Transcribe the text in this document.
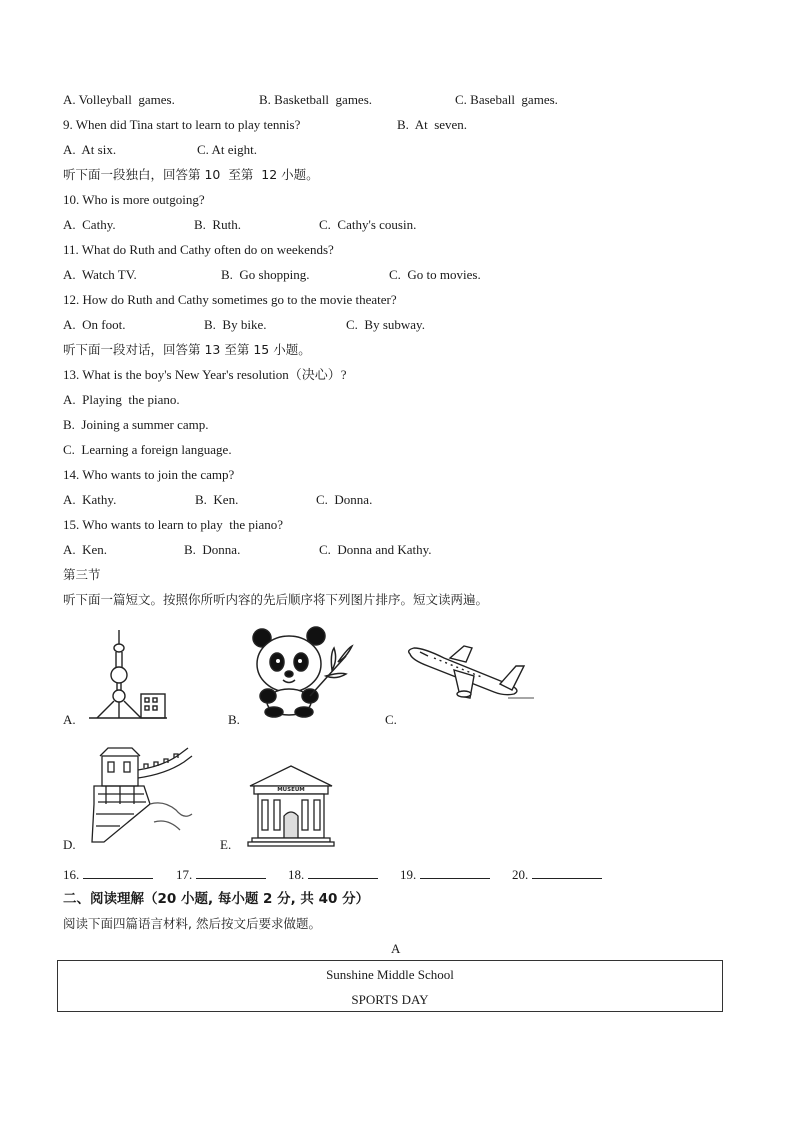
A. Volleyball  games.	B. Basketball  games.	C. Baseball  games.
9. When did Tina start to learn to play tennis?	B.  At  seven.
A.  At six.	C. At eight.
听下面一段独白，回答第 10  至第  12 小题。
10. Who is more outgoing?
A.  Cathy.	B.  Ruth.	C.  Cathy's cousin.
11. What do Ruth and Cathy often do on weekends?
A.  Watch TV.	B.  Go shopping.	C.  Go to movies.
12. How do Ruth and Cathy sometimes go to the movie theater?
A.  On foot.	B.  By bike.	C.  By subway.
听下面一段对话，回答第 13 至第 15 小题。
13. What is the boy's New Year's resolution（决心）?
A.  Playing  the piano.
B.  Joining a summer camp.
C.  Learning a foreign language.
14. Who wants to join the camp?
A.  Kathy.	B.  Ken.	C.  Donna.
15. Who wants to learn to play  the piano?
A.  Ken.	B.  Donna.	C.  Donna and Kathy.
第三节
听下面一篇短文。按照你所听内容的先后顺序将下列图片排序。短文读两遍。
A.	B.	C.
D.	E.
MUSEUM
16.	17.	18.	19.	20.
二、阅读理解（20 小题, 每小题 2 分, 共 40 分）
阅读下面四篇语言材料, 然后按文后要求做题。
A
Sunshine Middle School
SPORTS DAY
